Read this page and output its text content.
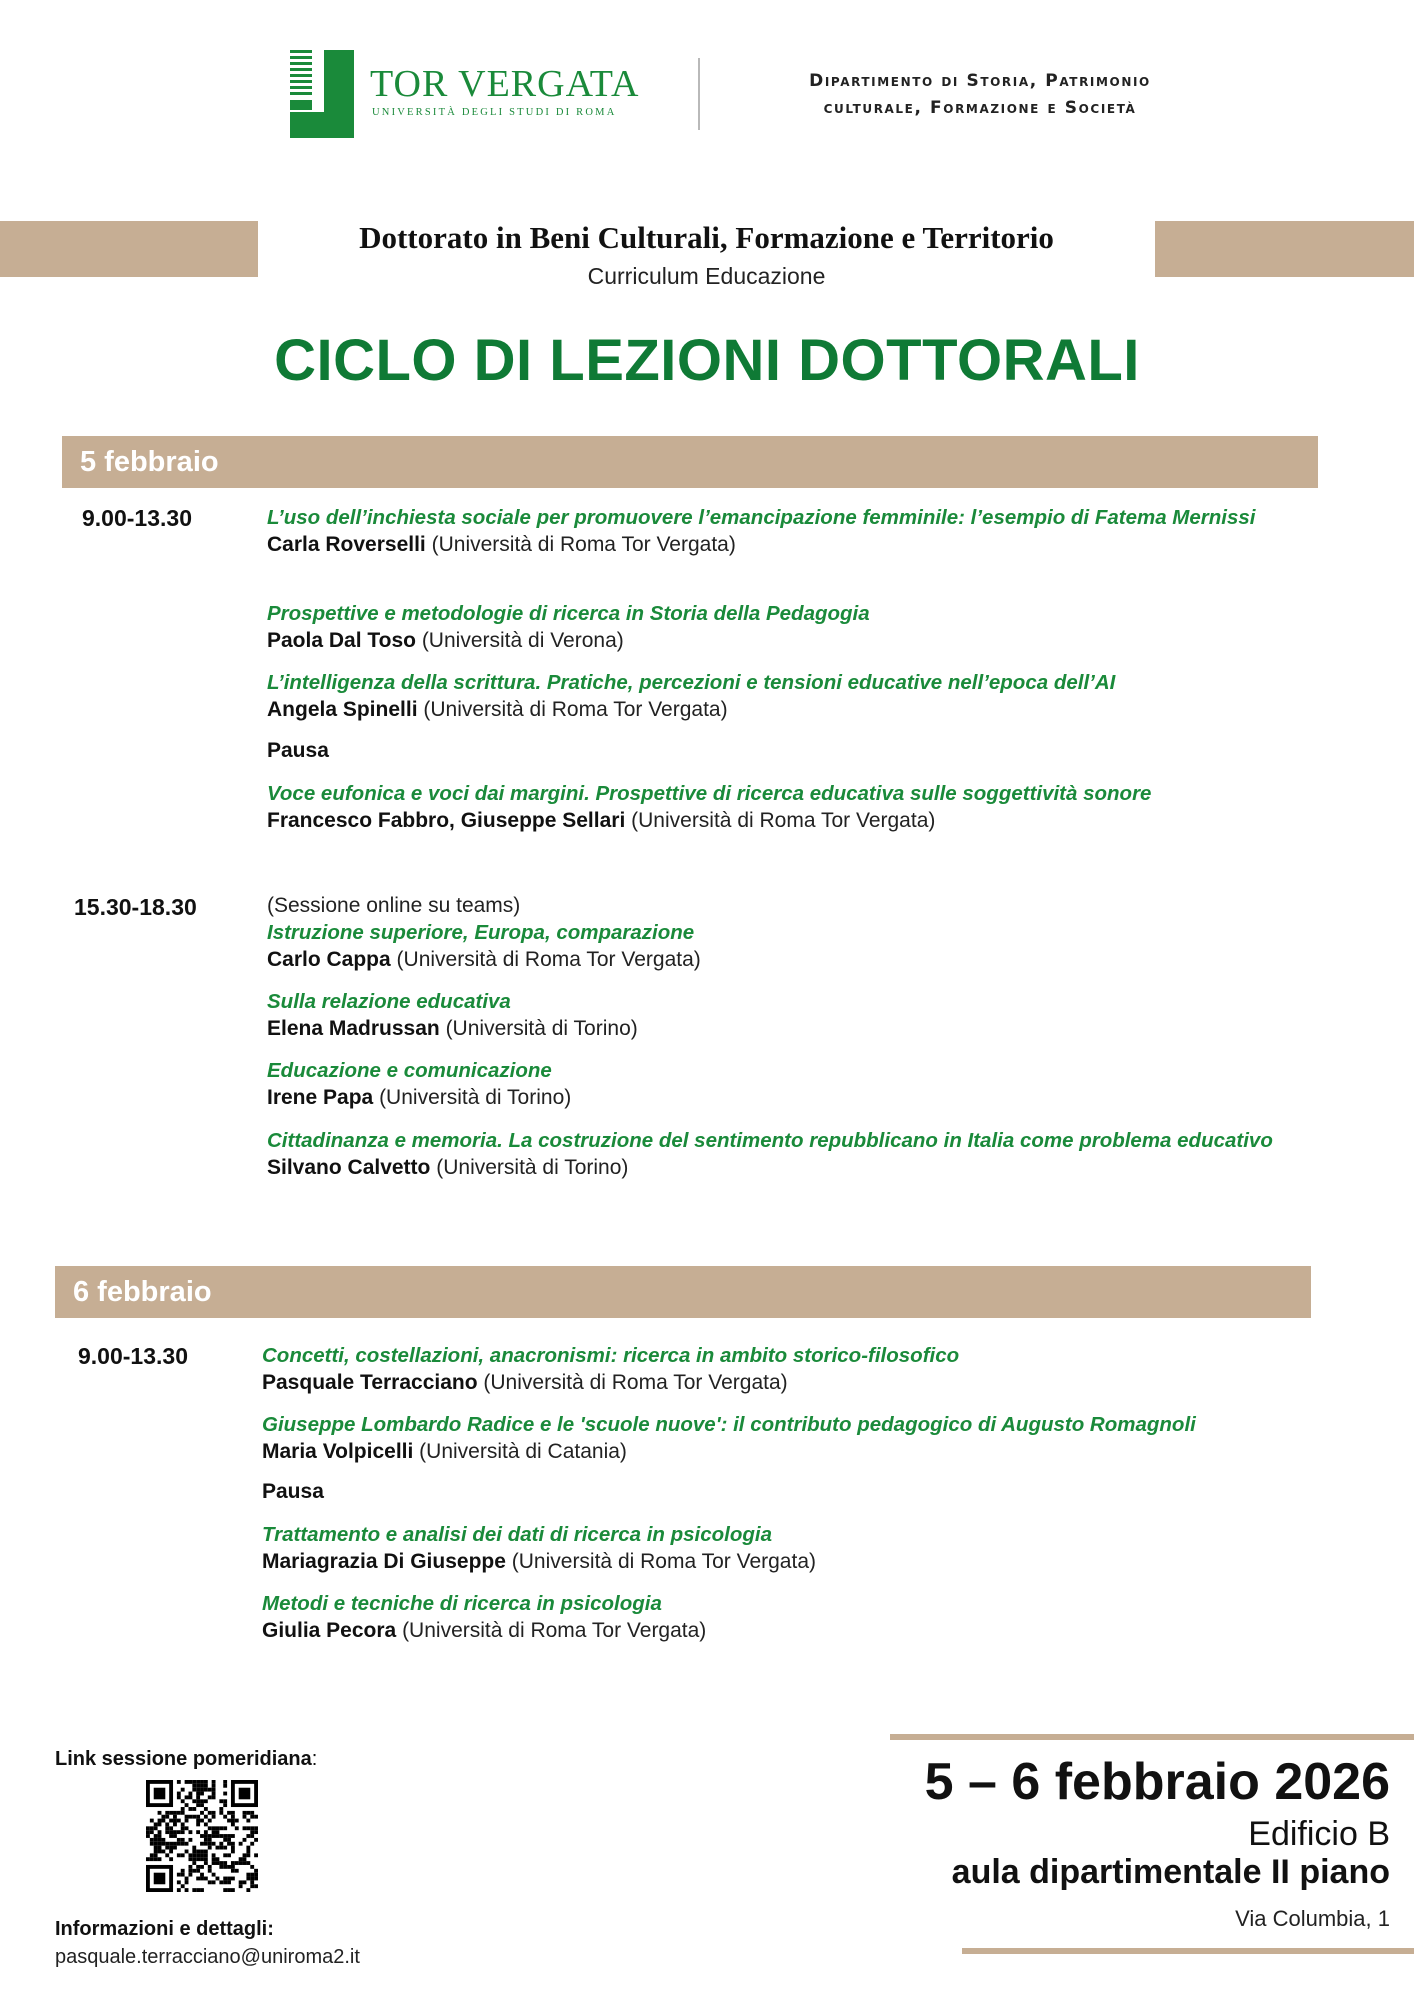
TOR VERGATA
UNIVERSITÀ DEGLI STUDI DI ROMA
Dipartimento di Storia, Patrimonio
culturale, Formazione e Società
Dottorato in Beni Culturali, Formazione e Territorio
Curriculum Educazione
CICLO DI LEZIONI DOTTORALI
5 febbraio
9.00-13.30	L’uso dell’inchiesta sociale per promuovere l’emancipazione femminile: l’esempio di Fatema Mernissi
Carla Roverselli (Università di Roma Tor Vergata)
Prospettive e metodologie di ricerca in Storia della Pedagogia
Paola Dal Toso (Università di Verona)
L’intelligenza della scrittura. Pratiche, percezioni e tensioni educative nell’epoca dell’AI
Angela Spinelli (Università di Roma Tor Vergata)
Pausa
Voce eufonica e voci dai margini. Prospettive di ricerca educativa sulle soggettività sonore
Francesco Fabbro, Giuseppe Sellari (Università di Roma Tor Vergata)
15.30-18.30	(Sessione online su teams)
Istruzione superiore, Europa, comparazione
Carlo Cappa (Università di Roma Tor Vergata)
Sulla relazione educativa
Elena Madrussan (Università di Torino)
Educazione e comunicazione
Irene Papa (Università di Torino)
Cittadinanza e memoria. La costruzione del sentimento repubblicano in Italia come problema educativo
Silvano Calvetto (Università di Torino)
6 febbraio
9.00-13.30	Concetti, costellazioni, anacronismi: ricerca in ambito storico-filosofico
Pasquale Terracciano (Università di Roma Tor Vergata)
Giuseppe Lombardo Radice e le 'scuole nuove': il contributo pedagogico di Augusto Romagnoli
Maria Volpicelli (Università di Catania)
Pausa
Trattamento e analisi dei dati di ricerca in psicologia
Mariagrazia Di Giuseppe (Università di Roma Tor Vergata)
Metodi e tecniche di ricerca in psicologia
Giulia Pecora (Università di Roma Tor Vergata)
Link sessione pomeridiana:
Informazioni e dettagli:
pasquale.terracciano@uniroma2.it
5 – 6 febbraio 2026
Edificio B
aula dipartimentale II piano
Via Columbia, 1
